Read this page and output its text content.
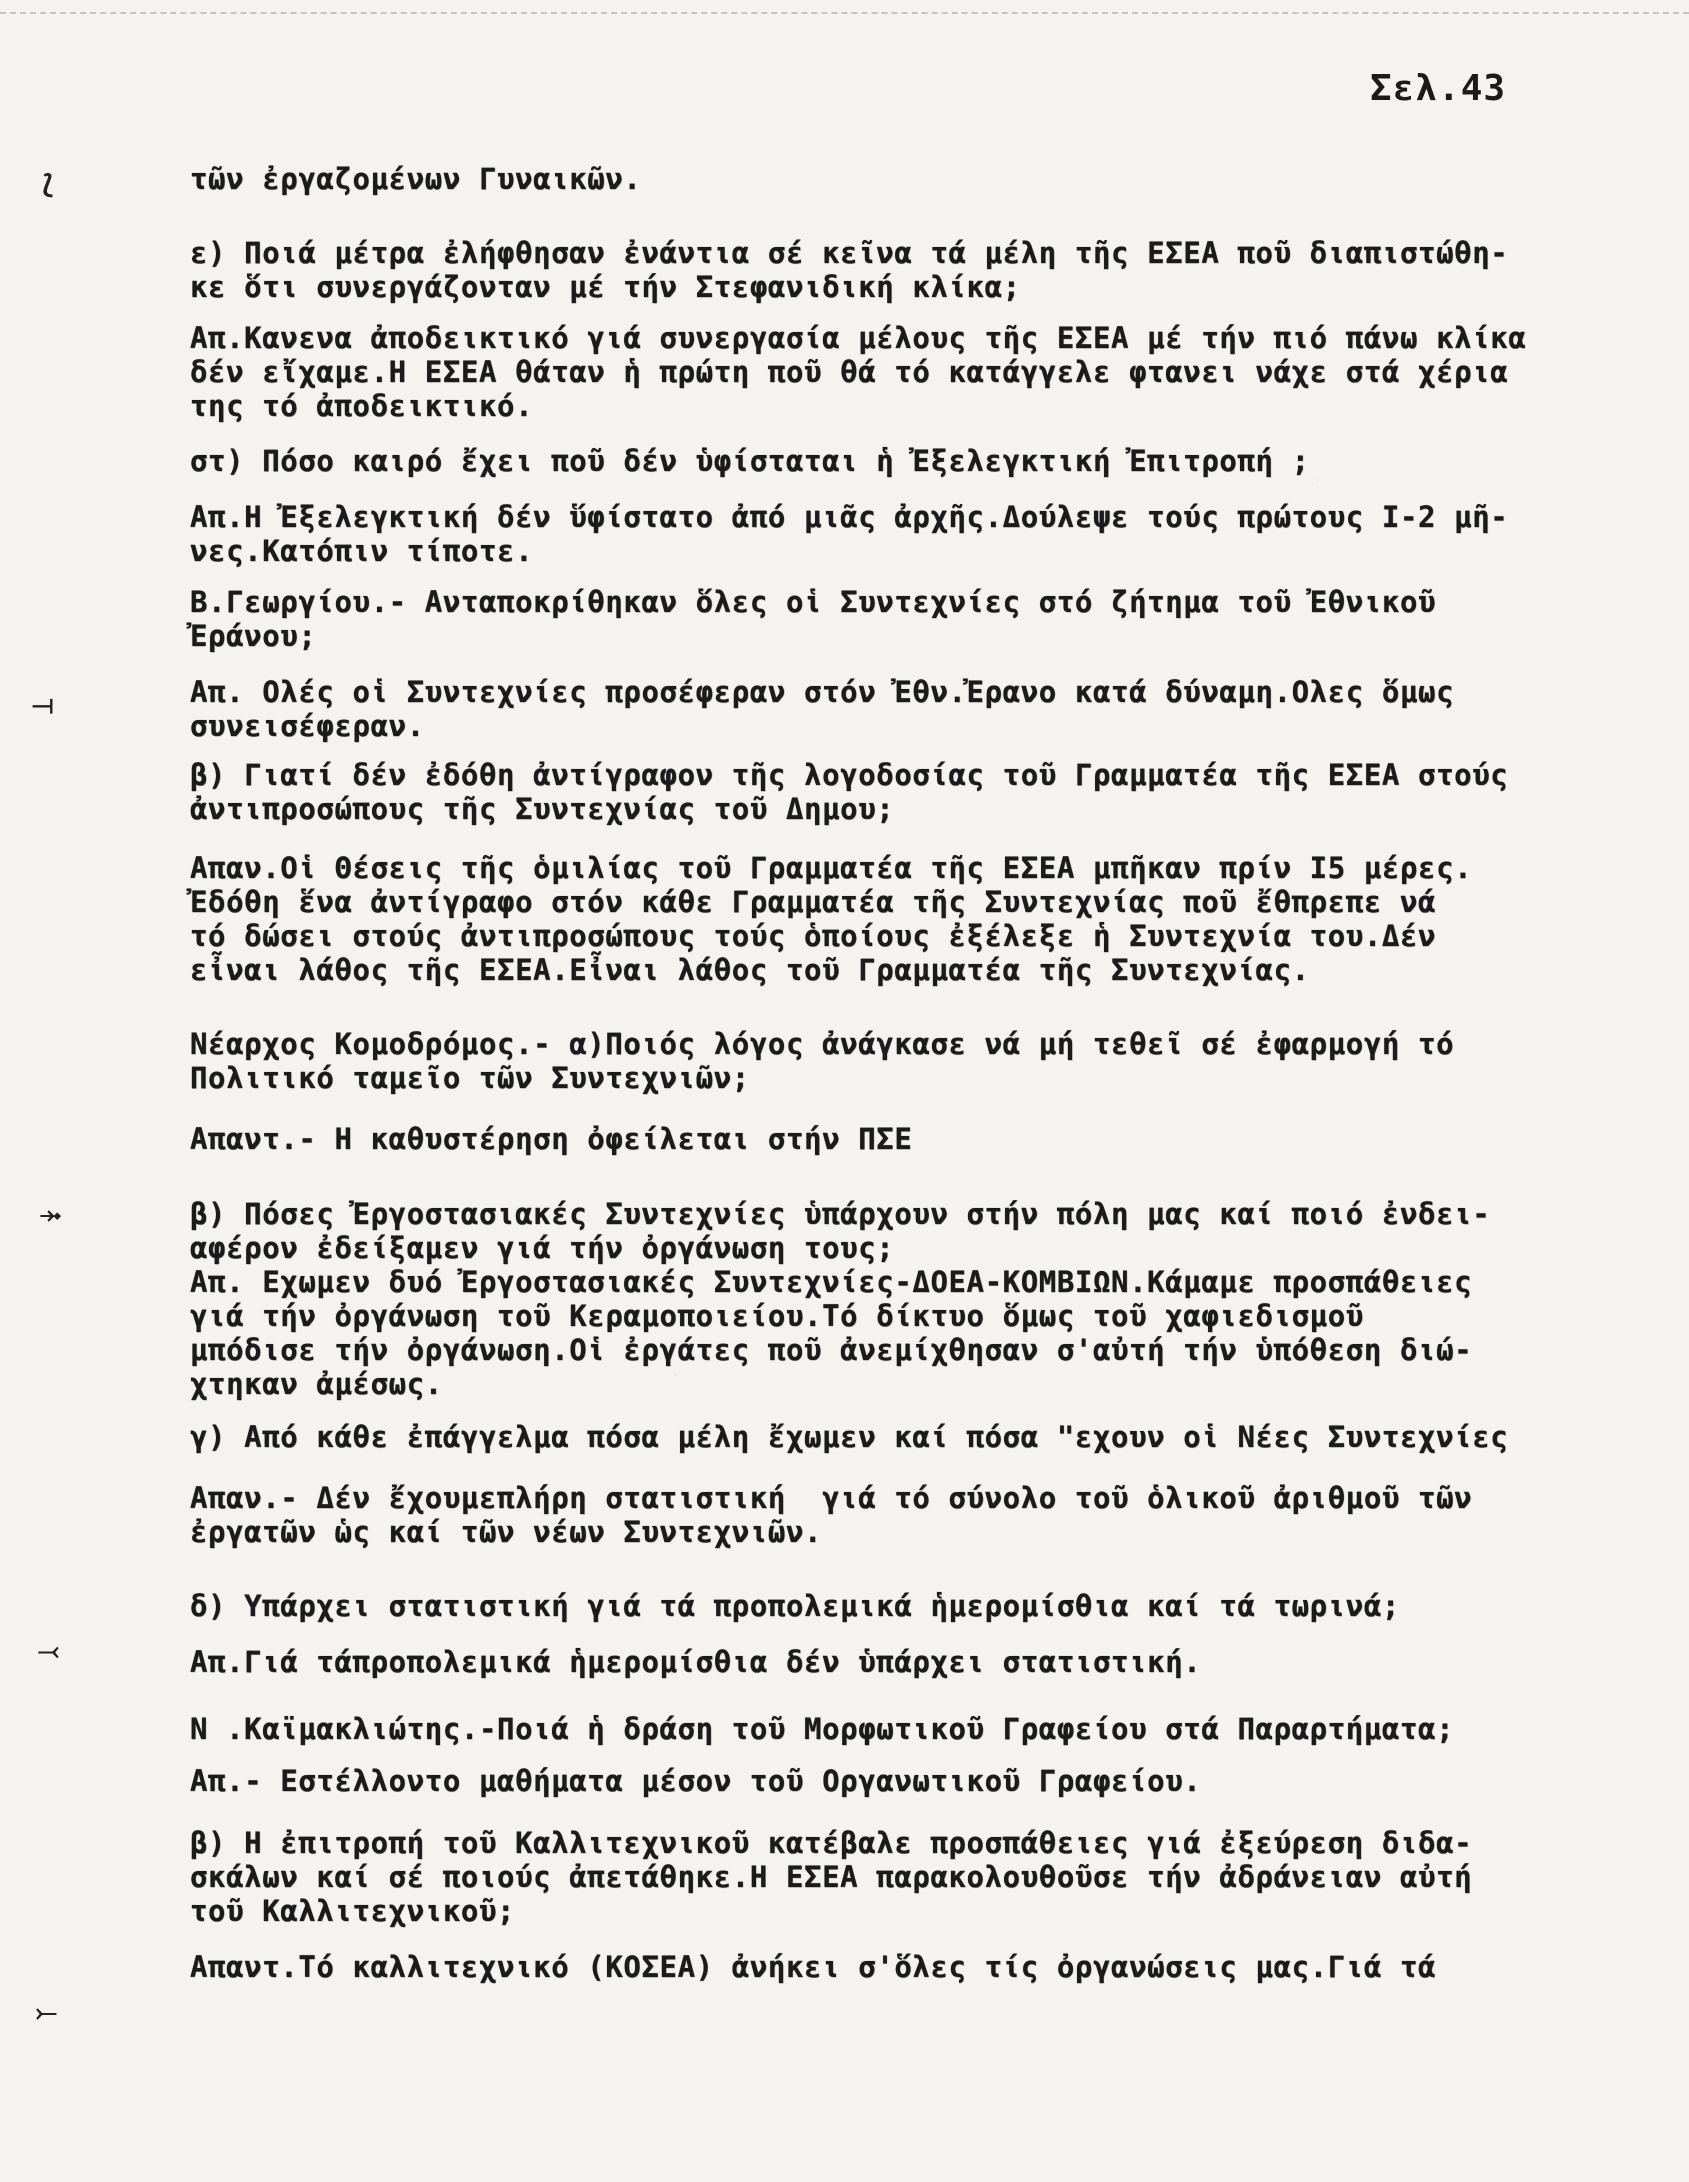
Σελ.43
τῶν ἐργαζομένων Γυναικῶν.
ε) Ποιά μέτρα ἐλήφθησαν ἐνάντια σέ κεῖνα τά μέλη τῆς ΕΣΕΑ ποῦ διαπιστώθη-
κε ὅτι συνεργάζονταν μέ τήν Στεφανιδική κλίκα;
Απ.Κανενα ἀποδεικτικό γιά συνεργασία μέλους τῆς ΕΣΕΑ μέ τήν πιό πάνω κλίκα
δέν εἴχαμε.Η ΕΣΕΑ θάταν ἡ πρώτη ποῦ θά τό κατάγγελε φτανει νάχε στά χέρια
της τό ἀποδεικτικό.
στ) Πόσο καιρό ἔχει ποῦ δέν ὑφίσταται ἡ Ἐξελεγκτική Ἐπιτροπή ;
Απ.Η Ἐξελεγκτική δέν ὕφίστατο ἀπό μιᾶς ἀρχῆς.Δούλεψε τούς πρώτους Ι-2 μῆ-
νες.Κατόπιν τίποτε.
Β.Γεωργίου.- Ανταποκρίθηκαν ὅλες οἱ Συντεχνίες στό ζήτημα τοῦ Ἐθνικοῦ
Ἐράνου;
Απ. Ολές οἱ Συντεχνίες προσέφεραν στόν Ἐθν.Ἐρανο κατά δύναμη.Ολες ὅμως
συνεισέφεραν.
β) Γιατί δέν ἐδόθη ἀντίγραφον τῆς λογοδοσίας τοῦ Γραμματέα τῆς ΕΣΕΑ στούς
ἀντιπροσώπους τῆς Συντεχνίας τοῦ Δημου;
Απαν.Οἱ Θέσεις τῆς ὁμιλίας τοῦ Γραμματέα τῆς ΕΣΕΑ μπῆκαν πρίν Ι5 μέρες.
Ἐδόθη ἕνα ἀντίγραφο στόν κάθε Γραμματέα τῆς Συντεχνίας ποῦ ἔθπρεπε νά
τό δώσει στούς ἀντιπροσώπους τούς ὁποίους ἐξέλεξε ἡ Συντεχνία του.Δέν
εἶναι λάθος τῆς ΕΣΕΑ.Εἶναι λάθος τοῦ Γραμματέα τῆς Συντεχνίας.
Νέαρχος Κομοδρόμος.- α)Ποιός λόγος ἀνάγκασε νά μή τεθεῖ σέ ἐφαρμογή τό
Πολιτικό ταμεῖο τῶν Συντεχνιῶν;
Απαντ.- Η καθυστέρηση ὀφείλεται στήν ΠΣΕ
β) Πόσες Ἐργοστασιακές Συντεχνίες ὑπάρχουν στήν πόλη μας καί ποιό ἐνδει-
αφέρον ἐδείξαμεν γιά τήν ὀργάνωση τους;
Απ. Εχωμεν δυό Ἐργοστασιακές Συντεχνίες-ΔΟΕΑ-ΚΟΜΒΙΩΝ.Κάμαμε προσπάθειες
γιά τήν ὀργάνωση τοῦ Κεραμοποιείου.Τό δίκτυο ὅμως τοῦ χαφιεδισμοῦ
μπόδισε τήν ὀργάνωση.Οἱ ἐργάτες ποῦ ἀνεμίχθησαν σ'αὐτή τήν ὑπόθεση διώ-
χτηκαν ἀμέσως.
γ) Από κάθε ἐπάγγελμα πόσα μέλη ἔχωμεν καί πόσα "εχουν οἱ Νέες Συντεχνίες
Απαν.- Δέν ἔχουμεπλήρη στατιστική  γιά τό σύνολο τοῦ ὁλικοῦ ἀριθμοῦ τῶν
ἐργατῶν ὡς καί τῶν νέων Συντεχνιῶν.
δ) Υπάρχει στατιστική γιά τά προπολεμικά ἡμερομίσθια καί τά τωρινά;
Απ.Γιά τάπροπολεμικά ἡμερομίσθια δέν ὑπάρχει στατιστική.
Ν .Καϊμακλιώτης.-Ποιά ἡ δράση τοῦ Μορφωτικοῦ Γραφείου στά Παραρτήματα;
Απ.- Εστέλλοντο μαθήματα μέσον τοῦ Οργανωτικοῦ Γραφείου.
β) Η ἐπιτροπή τοῦ Καλλιτεχνικοῦ κατέβαλε προσπάθειες γιά ἐξεύρεση διδα-
σκάλων καί σέ ποιούς ἀπετάθηκε.Η ΕΣΕΑ παρακολουθοῦσε τήν ἀδράνειαν αὐτή
τοῦ Καλλιτεχνικοῦ;
Απαντ.Τό καλλιτεχνικό (ΚΟΣΕΑ) ἀνήκει σ'ὅλες τίς ὀργανώσεις μας.Γιά τά
⟅
⟞
⤞
⤙
⤚
